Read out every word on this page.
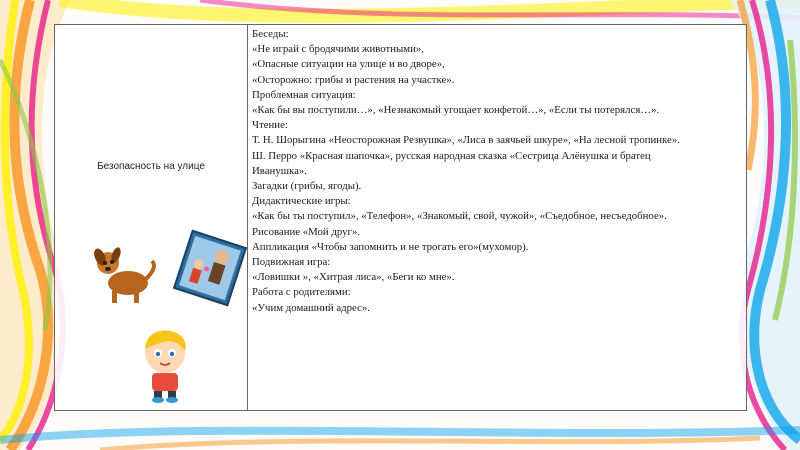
Безопасность на улице

Беседы:
«Не играй с бродячими животными»,
«Опасные ситуации на улице и во дворе»,
«Осторожно: грибы и растения на участке».
Проблемная ситуация:
«Как бы вы поступили…», «Незнакомый угощает конфетой…», «Если ты потерялся…».
Чтение:
Т. Н. Шорыгина «Неосторожная Резвушка», «Лиса в заячьей шкуре», «На лесной тропинке».
Ш. Перро «Красная шапочка», русская народная сказка «Сестрица Алёнушка и братец
Иванушка».
Загадки (грибы, ягоды).
Дидактические игры:
«Как бы ты поступил», «Телефон», «Знакомый, свой, чужой», «Съедобное, несъедобное».
Рисование «Мой друг».
Аппликация «Чтобы запомнить и не трогать его»(мухомор).
Подвижная игра:
«Ловишки », «Хитрая лиса», «Беги ко мне».
Работа с родителями:
«Учим домашний адрес».
